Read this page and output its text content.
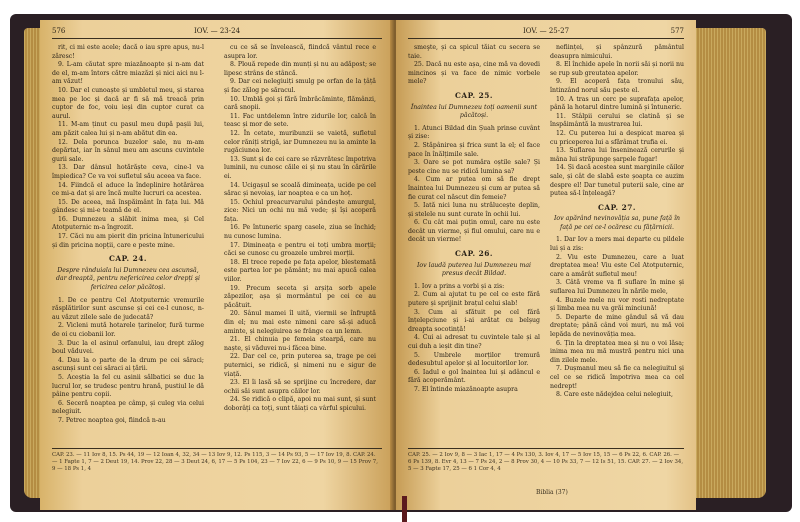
576	IOV. — 23-24

rit, ci mi este acele; dacă o iau spre apus, nu-l zăresc!

9. L-am căutat spre miazănoapte și n-am dat de el, m-am întors către miazăzi și nici aici nu l-am văzut!

10. Dar el cunoaște și umbletul meu, și starea mea pe loc și dacă ar fi să mă treacă prin cuptor de foc, voiu ieși din cuptor curat ca aurul.

11. M-am ținut cu pasul meu după pașii lui, am păzit calea lui și n-am abătut din ea.

12. Dela porunca buzelor sale, nu m-am depărtat, iar în sânul meu am ascuns cuvintele gurii sale.

13. Dar dânsul hotărăște ceva, cine-l va împiedica? Ce va voi sufletul său aceea va face.

14. Fiindcă el aduce la îndeplinire hotărârea ce mi-a dat și are încă multe lucruri ca acestea.

15. De aceea, mă înspăimânt în fața lui. Mă gândesc și mi-e teamă de el.

16. Dumnezeu a slăbit inima mea, și Cel Atotputernic m-a îngrozit.

17. Căci nu am pierit din pricina întunericului și din pricina nopții, care e peste mine.

CAP. 24.
Despre rânduiala lui Dumnezeu cea ascunsă, dar dreaptă, pentru nefericirea celor drepți și fericirea celor păcătoși.

1. De ce pentru Cel Atotputernic vremurile răsplătirilor sunt ascunse și cei ce-l cunosc, n-au văzut zilele sale de judecată?

2. Vicleni mută hotarele țarinelor, fură turme de oi cu ciobanii lor.

3. Duc la el asinul orfanului, iau drept zălog boul văduvei.

4. Dau la o parte de la drum pe cei săraci; ascunși sunt cei săraci ai țării.

5. Aceștia la fel cu asinii sălbatici se duc la lucrul lor, se trudesc pentru hrană, pustiul le dă pâine pentru copii.

6. Seceră noaptea pe câmp, și culeg via celui nelegiuit.

7. Petrec noaptea goi, fiindcă n-au

cu ce să se învelească, fiindcă vântul rece e asupra lor.

8. Plouă repede din munți și nu au adăpost; se lipesc strâns de stâncă.

9. Dar cei nelegiuiți smulg pe orfan de la țâță și fac zălog pe săracul.

10. Umblă goi și fără îmbrăcăminte, flămânzi, cară snopii.

11. Fac untdelemn între zidurile lor, calcă în teasc și mor de sete.

12. În cetate, muribunzii se vaietă, sufletul celor răniți strigă, iar Dumnezeu nu ia aminte la rugăciunea lor.

13. Sunt și de cei care se răzvrătesc împotriva luminii, nu cunosc căile ei și nu stau în cărările ei.

14. Ucigașul se scoală dimineața, ucide pe cel sărac și nevoiaș, iar noaptea e ca un hoț.

15. Ochiul preacurvarului pândește amurgul, zice: Nici un ochi nu mă vede; și își acoperă fața.

16. Pe întuneric sparg casele, ziua se închid; nu cunosc lumina.

17. Dimineața e pentru ei toți umbra morții; căci se cunosc cu groazele umbrei morții.

18. El trece repede pe fața apelor, blestemată este partea lor pe pământ; nu mai apucă calea viilor.

19. Precum seceta și arșița sorb apele zăpezilor, așa și mormântul pe cei ce au păcătuit.

20. Sânul mamei îl uită, viermii se înfruptă din el; nu mai este nimeni care să-și aducă aminte, și nelegiuirea se frânge ca un lemn.

21. El chinuia pe femeia stearpă, care nu naște, și văduvei nu-i făcea bine.

22. Dar cel ce, prin puterea sa, trage pe cei puternici, se ridică, și nimeni nu e sigur de viață.

23. El îi lasă să se sprijine cu încredere, dar ochii săi sunt asupra căilor lor.

24. Se ridică o clipă, apoi nu mai sunt, și sunt doborâți ca toți, sunt tăiați ca vârful spicului.

CAP. 23. — 11 Iov 8, 15. Ps 44, 19 — 12 Ioan 4, 32, 34 — 13 Iov 9, 12. Ps 115, 3 — 14 Ps 93, 5 — 17 Iov 19, 8. CAP. 24. — 1 Fapte 1, 7 — 2 Deut 19, 14. Prov 22, 28 — 3 Deut 24, 6, 17 — 5 Ps 104, 23 — 7 Iov 22, 6 — 9 Ps 10, 9 — 15 Prov 7, 9 — 18 Ps 1, 4
IOV. — 25-27	577

smeşte, și ca spicul tăiat cu secera se taie.

25. Dacă nu este așa, cine mă va dovedi mincinos și va face de nimic vorbele mele?

CAP. 25.
Înaintea lui Dumnezeu toți oamenii sunt păcătoși.

1. Atunci Bildad din Șuah prinse cuvânt și zise:

2. Stăpânirea și frica sunt la el; el face pace în înălțimile sale.

3. Oare se pot număra oștile sale? Și peste cine nu se ridică lumina sa?

4. Cum ar putea om să fie drept înaintea lui Dumnezeu și cum ar putea să fie curat cel născut din femeie?

5. Iată nici luna nu strălucește deplin, și stelele nu sunt curate în ochii lui.

6. Cu cât mai puțin omul, care nu este decât un vierme, și fiul omului, care nu e decât un vierme!

CAP. 26.
Iov laudă puterea lui Dumnezeu mai presus decât Bildad.

1. Iov a prins a vorbi și a zis:

2. Cum ai ajutat tu pe cel ce este fără putere și sprijinit brațul celui slab!

3. Cum ai sfătuit pe cel fără înțelepciune și i-ai arătat cu belșug dreapta socotință!

4. Cui ai adresat tu cuvintele tale și al cui duh a ieșit din tine?

5. Umbrele morților tremură dedesubtul apelor și al locuitorilor lor.

6. Iadul e gol înaintea lui și adâncul e fără acoperământ.

7. El întinde miazănoapte asupra

neființei, și spânzură pământul deasupra nimicului.

8. El închide apele în norii săi și norii nu se rup sub greutatea apelor.

9. El acoperă fața tronului său, întinzând norul său peste el.

10. A tras un cerc pe suprafața apelor, până la hotarul dintre lumină și întuneric.

11. Stâlpii cerului se clatină și se înspăimântă la mustrarea lui.

12. Cu puterea lui a despicat marea și cu priceperea lui a sfărâmat trufia ei.

13. Suflarea lui înseninează cerurile și mâna lui străpunge șarpele fugar!

14. Și dacă acestea sunt marginile căilor sale, și cât de slabă este șoapta ce auzim despre el! Dar tunetul puterii sale, cine ar putea să-l înțeleagă?

CAP. 27.
Iov apărând nevinovăția sa, pune față în față pe cei ce-l ocăresc cu fățărnicii.

1. Dar Iov a mers mai departe cu pildele lui și a zis:

2. Viu este Dumnezeu, care a luat dreptatea mea! Viu este Cel Atotputernic, care a amărât sufletul meu!

3. Câtă vreme va fi suflare în mine și suflarea lui Dumnezeu în nările mele,

4. Buzele mele nu vor rosti nedreptate și limba mea nu va grăi minciună!

5. Departe de mine gândul să vă dau dreptate; până când voi muri, nu mă voi lepăda de nevinovăția mea.

6. Țin la dreptatea mea și nu o voi lăsa; inima mea nu mă mustră pentru nici una din zilele mele.

7. Dușmanul meu să fie ca nelegiuitul și cel ce se ridică împotriva mea ca cel nedrept!

8. Care este nădejdea celui nelegiuit,

CAP. 25. — 2 Iov 9, 8 — 3 Iac 1, 17 — 4 Ps 130, 3. Iov 4, 17 — 5 Iov 15, 15 — 6 Ps 22, 6. CAP. 26. — 6 Ps 139, 8. Evr 4, 13 — 7 Ps 24, 2 — 8 Prov 30, 4 — 10 Ps 33, 7 — 12 Is 51, 15. CAP. 27. — 2 Iov 34, 5 — 3 Fapte 17, 25 — 6 1 Cor 4, 4
Biblia (37)
